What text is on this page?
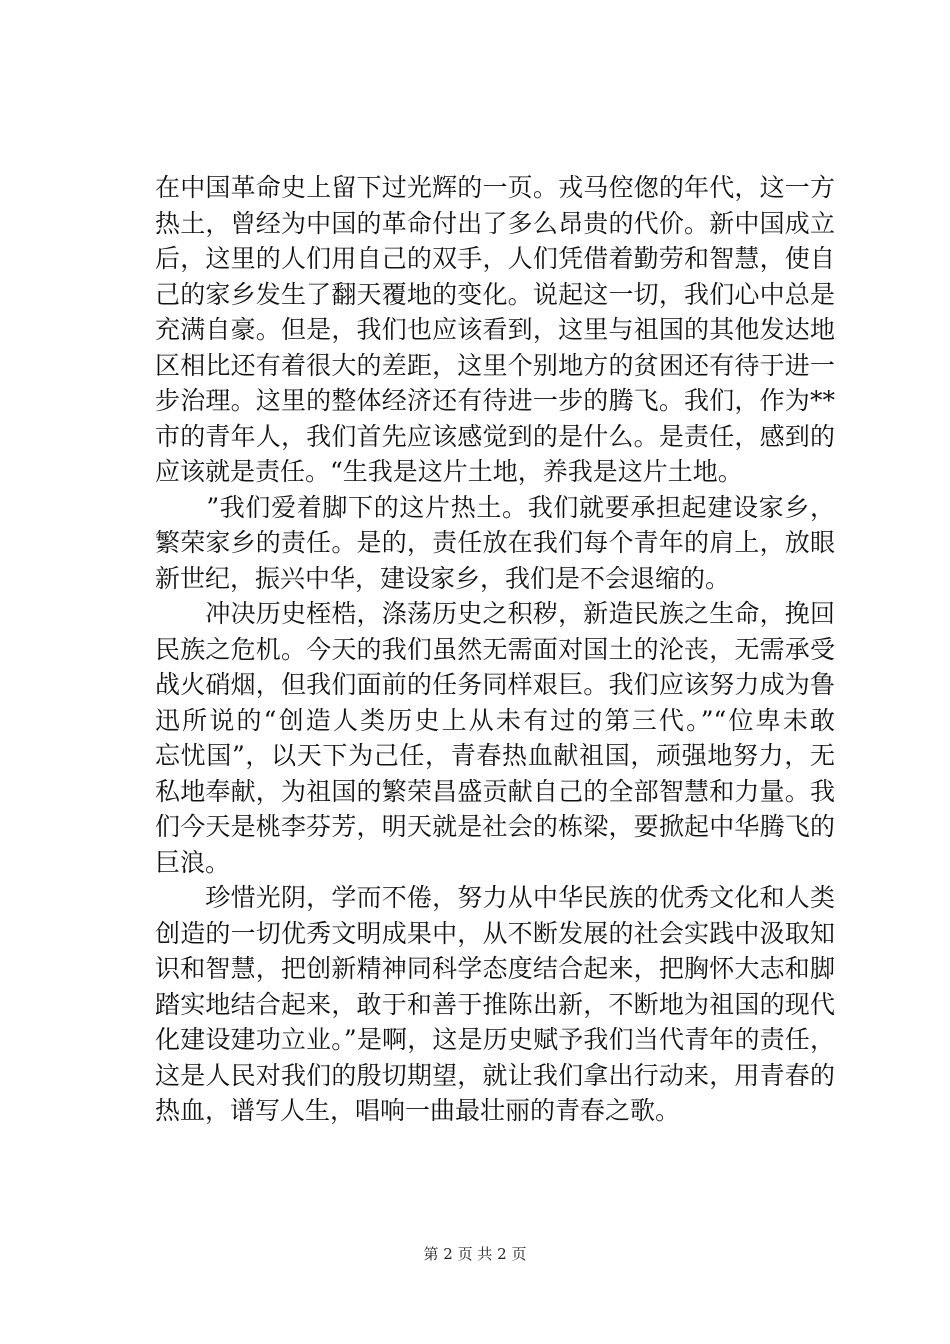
在中国革命史上留下过光辉的一页。戎马倥偬的年代，这一方
热土，曾经为中国的革命付出了多么昂贵的代价。新中国成立
后，这里的人们用自己的双手，人们凭借着勤劳和智慧，使自
己的家乡发生了翻天覆地的变化。说起这一切，我们心中总是
充满自豪。但是，我们也应该看到，这里与祖国的其他发达地
区相比还有着很大的差距，这里个别地方的贫困还有待于进一
步治理。这里的整体经济还有待进一步的腾飞。我们，作为**
市的青年人，我们首先应该感觉到的是什么。是责任，感到的
应该就是责任。“生我是这片土地，养我是这片土地。
　　”我们爱着脚下的这片热土。我们就要承担起建设家乡，
繁荣家乡的责任。是的，责任放在我们每个青年的肩上，放眼
新世纪，振兴中华，建设家乡，我们是不会退缩的。
　　冲决历史桎梏，涤荡历史之积秽，新造民族之生命，挽回
民族之危机。今天的我们虽然无需面对国土的沦丧，无需承受
战火硝烟，但我们面前的任务同样艰巨。我们应该努力成为鲁
迅所说的“创造人类历史上从未有过的第三代。”“位卑未敢
忘忧国”，以天下为己任，青春热血献祖国，顽强地努力，无
私地奉献，为祖国的繁荣昌盛贡献自己的全部智慧和力量。我
们今天是桃李芬芳，明天就是社会的栋梁，要掀起中华腾飞的
巨浪。
　　珍惜光阴，学而不倦，努力从中华民族的优秀文化和人类
创造的一切优秀文明成果中，从不断发展的社会实践中汲取知
识和智慧，把创新精神同科学态度结合起来，把胸怀大志和脚
踏实地结合起来，敢于和善于推陈出新，不断地为祖国的现代
化建设建功立业。”是啊，这是历史赋予我们当代青年的责任，
这是人民对我们的殷切期望，就让我们拿出行动来，用青春的
热血，谱写人生，唱响一曲最壮丽的青春之歌。
第 2 页 共 2 页
